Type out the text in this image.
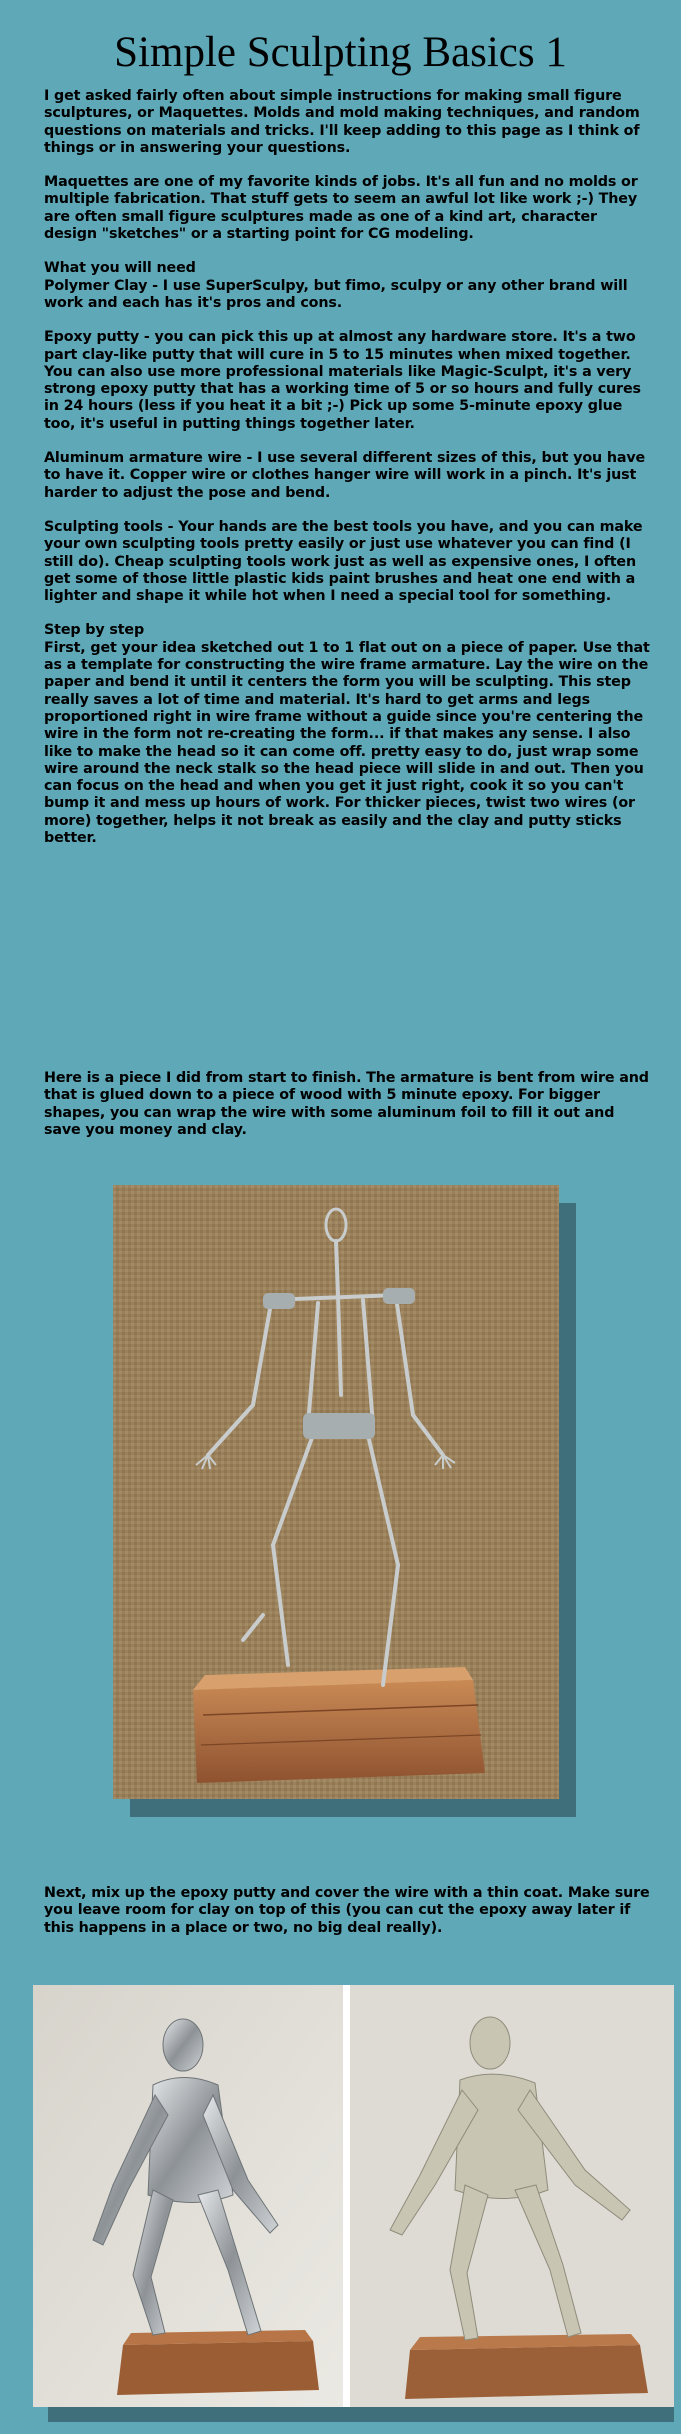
Simple Sculpting Basics 1

I get asked fairly often about simple instructions for making small figure sculptures, or Maquettes. Molds and mold making techniques, and random questions on materials and tricks. I'll keep adding to this page as I think of things or in answering your questions.

Maquettes are one of my favorite kinds of jobs. It's all fun and no molds or multiple fabrication. That stuff gets to seem an awful lot like work ;-) They are often small figure sculptures made as one of a kind art, character design "sketches" or a starting point for CG modeling.

What you will need

Polymer Clay - I use SuperSculpy, but fimo, sculpy or any other brand will work and each has it's pros and cons.

Epoxy putty - you can pick this up at almost any hardware store. It's a two part clay-like putty that will cure in 5 to 15 minutes when mixed together. You can also use more professional materials like Magic-Sculpt, it's a very strong epoxy putty that has a working time of 5 or so hours and fully cures in 24 hours (less if you heat it a bit ;-) Pick up some 5-minute epoxy glue too, it's useful in putting things together later.

Aluminum armature wire - I use several different sizes of this, but you have to have it. Copper wire or clothes hanger wire will work in a pinch. It's just harder to adjust the pose and bend.

Sculpting tools - Your hands are the best tools you have, and you can make your own sculpting tools pretty easily or just use whatever you can find (I still do). Cheap sculpting tools work just as well as expensive ones, I often get some of those little plastic kids paint brushes and heat one end with a lighter and shape it while hot when I need a special tool for something.

Step by step

First, get your idea sketched out 1 to 1 flat out on a piece of paper. Use that as a template for constructing the wire frame armature. Lay the wire on the paper and bend it until it centers the form you will be sculpting. This step really saves a lot of time and material. It's hard to get arms and legs proportioned right in wire frame without a guide since you're centering the wire in the form not re-creating the form... if that makes any sense. I also like to make the head so it can come off. pretty easy to do, just wrap some wire around the neck stalk so the head piece will slide in and out. Then you can focus on the head and when you get it just right, cook it so you can't bump it and mess up hours of work. For thicker pieces, twist two wires (or more) together, helps it not break as easily and the clay and putty sticks better.

Here is a piece I did from start to finish. The armature is bent from wire and that is glued down to a piece of wood with 5 minute epoxy. For bigger shapes, you can wrap the wire with some aluminum foil to fill it out and save you money and clay.

Next, mix up the epoxy putty and cover the wire with a thin coat. Make sure you leave room for clay on top of this (you can cut the epoxy away later if this happens in a place or two, no big deal really).
